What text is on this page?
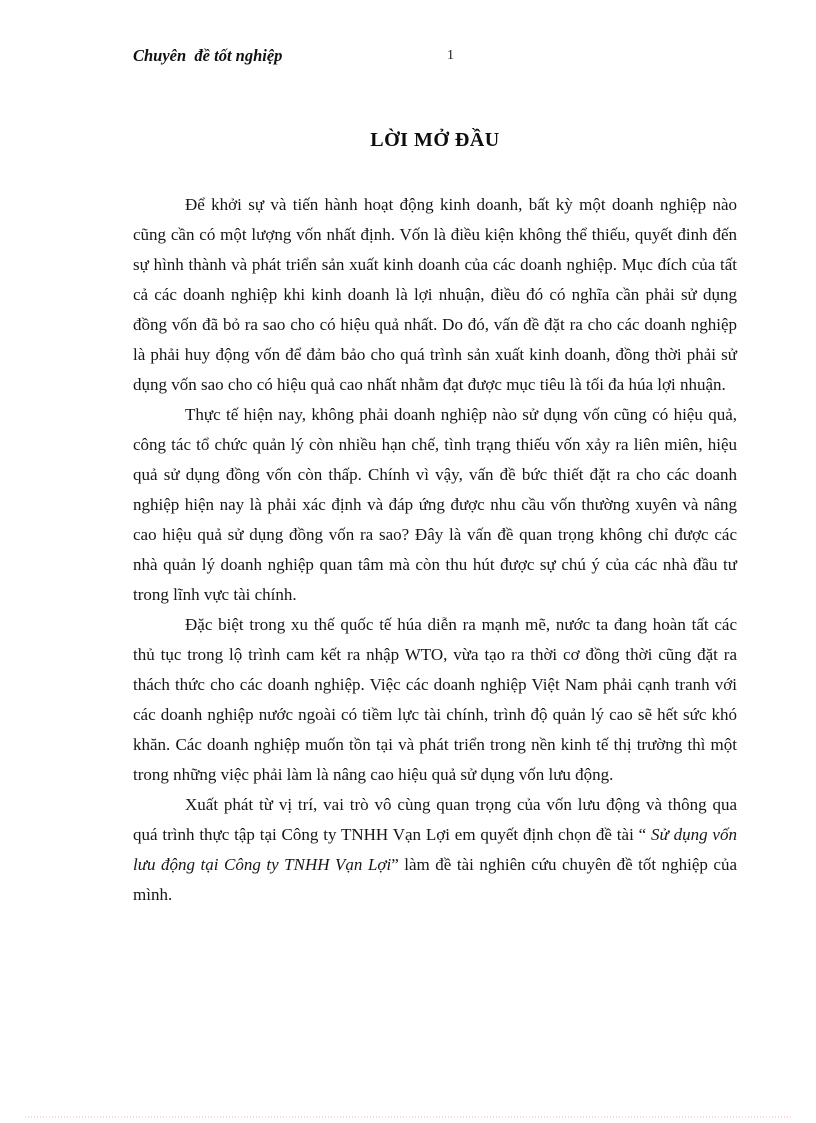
Chuyên  đề tốt nghiệp	1
LỜI MỞ ĐẦU

Để khởi sự và tiến hành hoạt động kinh doanh, bất kỳ một doanh nghiệp nào cũng cần có một lượng vốn nhất định. Vốn là điều kiện không thể thiếu, quyết đinh đến sự hình thành và phát triển sản xuất kinh doanh của các doanh nghiệp. Mục đích của tất cả các doanh nghiệp khi kinh doanh là lợi nhuận, điều đó có nghĩa cần phải sử dụng đồng vốn đã bỏ ra sao cho có hiệu quả nhất. Do đó, vấn đề đặt ra cho các doanh nghiệp là phải huy động vốn để đảm bảo cho quá trình sản xuất kinh doanh, đồng thời phải sử dụng vốn sao cho có hiệu quả cao nhất nhằm đạt được mục tiêu là tối đa húa lợi nhuận.

Thực tế hiện nay, không phải doanh nghiệp nào sử dụng vốn cũng có hiệu quả, công tác tổ chức quản lý còn nhiều hạn chế, tình trạng thiếu vốn xảy ra liên miên, hiệu quả sử dụng đồng vốn còn thấp. Chính vì vậy, vấn đề bức thiết đặt ra cho các doanh nghiệp hiện nay là phải xác định và đáp ứng được nhu cầu vốn thường xuyên và nâng cao hiệu quả sử dụng đồng vốn ra sao? Đây là vấn đề quan trọng không chỉ được các nhà quản lý doanh nghiệp quan tâm mà còn thu hút được sự chú ý của các nhà đầu tư trong lĩnh vực tài chính.

Đặc biệt trong xu thế quốc tế húa diễn ra mạnh mẽ, nước ta đang hoàn tất các thủ tục trong lộ trình cam kết ra nhập WTO, vừa tạo ra thời cơ đồng thời cũng đặt ra thách thức cho các doanh nghiệp. Việc các doanh nghiệp Việt Nam phải cạnh tranh với các doanh nghiệp nước ngoài có tiềm lực tài chính, trình độ quản lý cao sẽ hết sức khó khăn. Các doanh nghiệp muốn tồn tại và phát triển trong nền kinh tế thị trường thì một trong những việc phải làm là nâng cao hiệu quả sử dụng vốn lưu động.

Xuất phát từ vị trí, vai trò vô cùng quan trọng của vốn lưu động và thông qua quá trình thực tập tại Công ty TNHH Vạn Lợi em quyết định chọn đề tài “ Sử dụng vốn lưu động tại Công ty TNHH Vạn Lợi” làm đề tài nghiên cứu chuyên đề tốt nghiệp của mình.
